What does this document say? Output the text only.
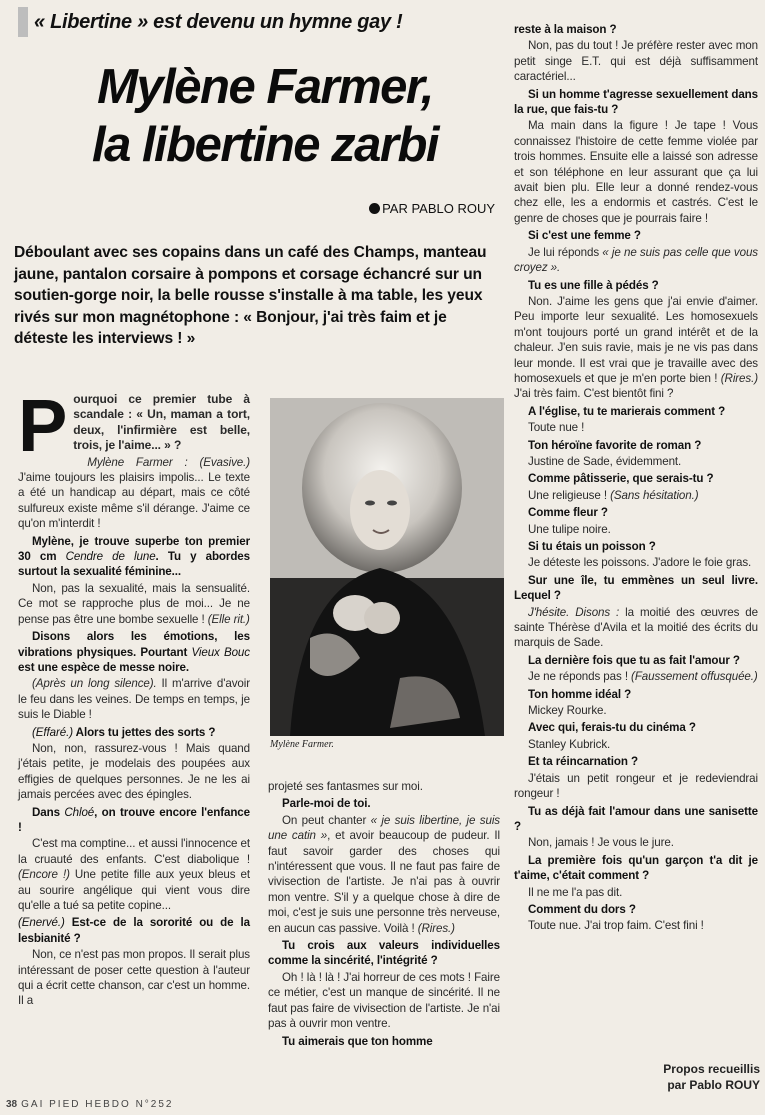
« Libertine » est devenu un hymne gay !
Mylène Farmer,
la libertine zarbi
PAR PABLO ROUY
Déboulant avec ses copains dans un café des Champs, manteau jaune, pantalon corsaire à pompons et corsage échancré sur un soutien-gorge noir, la belle rousse s'installe à ma table, les yeux rivés sur mon magnétophone : « Bonjour, j'ai très faim et je déteste les interviews ! »

P ourquoi ce premier tube à scandale : « Un, maman a tort, deux, l'infirmière est belle, trois, je l'aime... » ?

Mylène Farmer : (Evasive.) J'aime toujours les plaisirs impolis... Le texte a été un handicap au départ, mais ce côté sulfureux existe même s'il dérange. J'aime ce qu'on m'interdit !

Mylène, je trouve superbe ton premier 30 cm Cendre de lune. Tu y abordes surtout la sexualité féminine...

Non, pas la sexualité, mais la sensualité. Ce mot se rapproche plus de moi... Je ne pense pas être une bombe sexuelle ! (Elle rit.)

Disons alors les émotions, les vibrations physiques. Pourtant Vieux Bouc est une espèce de messe noire.

(Après un long silence). Il m'arrive d'avoir le feu dans les veines. De temps en temps, je suis le Diable !

(Effaré.) Alors tu jettes des sorts ?

Non, non, rassurez-vous ! Mais quand j'étais petite, je modelais des poupées aux effigies de quelques personnes. Je ne les ai jamais percées avec des épingles.

Dans Chloé, on trouve encore l'enfance !

C'est ma comptine... et aussi l'innocence et la cruauté des enfants. C'est diabolique ! (Encore !) Une petite fille aux yeux bleus et au sourire angélique qui vient vous dire qu'elle a tué sa petite copine...

(Enervé.) Est-ce de la sororité ou de la lesbianité ?

Non, ce n'est pas mon propos. Il serait plus intéressant de poser cette question à l'auteur qui a écrit cette chanson, car c'est un homme. Il a

Mylène Farmer.

projeté ses fantasmes sur moi.

Parle-moi de toi.

On peut chanter « je suis libertine, je suis une catin », et avoir beaucoup de pudeur. Il faut savoir garder des choses qui n'intéressent que vous. Il ne faut pas faire de vivisection de l'artiste. Je n'ai pas à ouvrir mon ventre. S'il y a quelque chose à dire de moi, c'est je suis une personne très nerveuse, en aucun cas passive. Voilà ! (Rires.)

Tu crois aux valeurs individuelles comme la sincérité, l'intégrité ?

Oh ! là ! là ! J'ai horreur de ces mots ! Faire ce métier, c'est un manque de sincérité. Il ne faut pas faire de vivisection de l'artiste. Je n'ai pas à ouvrir mon ventre.

Tu aimerais que ton homme

reste à la maison ?

Non, pas du tout ! Je préfère rester avec mon petit singe E.T. qui est déjà suffisamment caractériel...

Si un homme t'agresse sexuellement dans la rue, que fais-tu ?

Ma main dans la figure ! Je tape ! Vous connaissez l'histoire de cette femme violée par trois hommes. Ensuite elle a laissé son adresse et son téléphone en leur assurant que ça lui avait bien plu. Elle leur a donné rendez-vous chez elle, les a endormis et castrés. C'est le genre de choses que je pourrais faire !

Si c'est une femme ?

Je lui réponds « je ne suis pas celle que vous croyez ».

Tu es une fille à pédés ?

Non. J'aime les gens que j'ai envie d'aimer. Peu importe leur sexualité. Les homosexuels m'ont toujours porté un grand intérêt et de la chaleur. J'en suis ravie, mais je ne vis pas dans leur monde. Il est vrai que je travaille avec des homosexuels et que je m'en porte bien ! (Rires.) J'ai très faim. C'est bientôt fini ?

A l'église, tu te marierais comment ?

Toute nue !

Ton héroïne favorite de roman ?

Justine de Sade, évidemment.

Comme pâtisserie, que serais-tu ?

Une religieuse ! (Sans hésitation.)

Comme fleur ?

Une tulipe noire.

Si tu étais un poisson ?

Je déteste les poissons. J'adore le foie gras.

Sur une île, tu emmènes un seul livre. Lequel ?

J'hésite. Disons : la moitié des œuvres de sainte Thérèse d'Avila et la moitié des écrits du marquis de Sade.

La dernière fois que tu as fait l'amour ?

Je ne réponds pas ! (Faussement offusquée.)

Ton homme idéal ?

Mickey Rourke.

Avec qui, ferais-tu du cinéma ?

Stanley Kubrick.

Et ta réincarnation ?

J'étais un petit rongeur et je redeviendrai rongeur !

Tu as déjà fait l'amour dans une sanisette ?

Non, jamais ! Je vous le jure.

La première fois qu'un garçon t'a dit je t'aime, c'était comment ?

Il ne me l'a pas dit.

Comment du dors ?

Toute nue. J'ai trop faim. C'est fini !

Propos recueillis
par Pablo ROUY
38 GAI PIED HEBDO N°252
